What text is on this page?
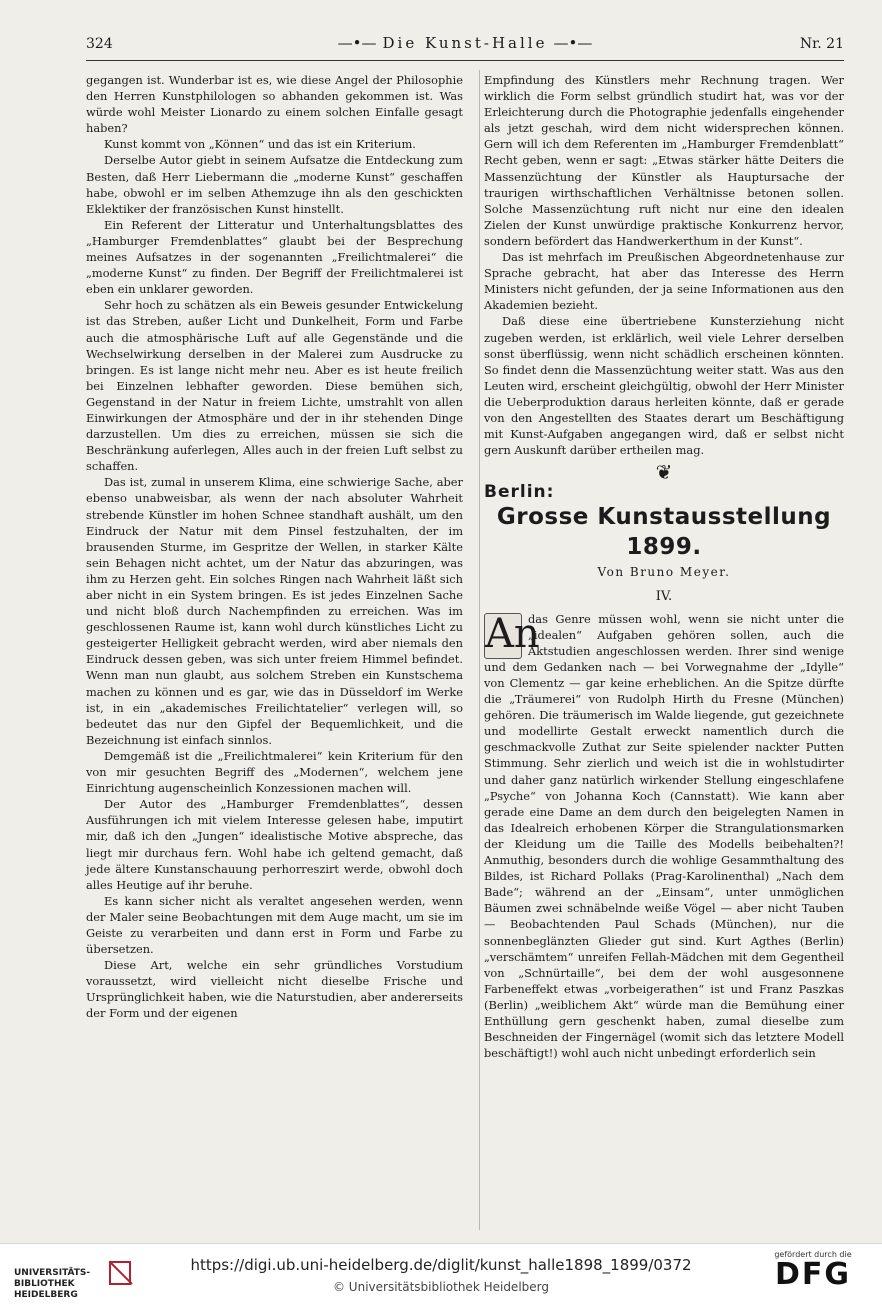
324	—•— Die Kunst-Halle —•—	Nr. 21

gegangen ist. Wunderbar ist es, wie diese Angel der Philosophie den Herren Kunstphilologen so abhanden gekommen ist. Was würde wohl Meister Lionardo zu einem solchen Einfalle gesagt haben?

Kunst kommt von „Können“ und das ist ein Kriterium.

Derselbe Autor giebt in seinem Aufsatze die Entdeckung zum Besten, daß Herr Liebermann die „moderne Kunst“ geschaffen habe, obwohl er im selben Athemzuge ihn als den geschickten Eklektiker der französischen Kunst hinstellt.

Ein Referent der Litteratur und Unterhaltungsblattes des „Hamburger Fremdenblattes“ glaubt bei der Besprechung meines Aufsatzes in der sogenannten „Freilichtmalerei“ die „moderne Kunst“ zu finden. Der Begriff der Freilichtmalerei ist eben ein unklarer geworden.

Sehr hoch zu schätzen als ein Beweis gesunder Entwickelung ist das Streben, außer Licht und Dunkelheit, Form und Farbe auch die atmosphärische Luft auf alle Gegenstände und die Wechselwirkung derselben in der Malerei zum Ausdrucke zu bringen. Es ist lange nicht mehr neu. Aber es ist heute freilich bei Einzelnen lebhafter geworden. Diese bemühen sich, Gegenstand in der Natur in freiem Lichte, umstrahlt von allen Einwirkungen der Atmosphäre und der in ihr stehenden Dinge darzustellen. Um dies zu erreichen, müssen sie sich die Beschränkung auferlegen, Alles auch in der freien Luft selbst zu schaffen.

Das ist, zumal in unserem Klima, eine schwierige Sache, aber ebenso unabweisbar, als wenn der nach absoluter Wahrheit strebende Künstler im hohen Schnee standhaft aushält, um den Eindruck der Natur mit dem Pinsel festzuhalten, der im brausenden Sturme, im Gespritze der Wellen, in starker Kälte sein Behagen nicht achtet, um der Natur das abzuringen, was ihm zu Herzen geht. Ein solches Ringen nach Wahrheit läßt sich aber nicht in ein System bringen. Es ist jedes Einzelnen Sache und nicht bloß durch Nachempfinden zu erreichen. Was im geschlossenen Raume ist, kann wohl durch künstliches Licht zu gesteigerter Helligkeit gebracht werden, wird aber niemals den Eindruck dessen geben, was sich unter freiem Himmel befindet. Wenn man nun glaubt, aus solchem Streben ein Kunstschema machen zu können und es gar, wie das in Düsseldorf im Werke ist, in ein „akademisches Freilichtatelier“ verlegen will, so bedeutet das nur den Gipfel der Bequemlichkeit, und die Bezeichnung ist einfach sinnlos.

Demgemäß ist die „Freilichtmalerei“ kein Kriterium für den von mir gesuchten Begriff des „Modernen“, welchem jene Einrichtung augenscheinlich Konzessionen machen will.

Der Autor des „Hamburger Fremdenblattes“, dessen Ausführungen ich mit vielem Interesse gelesen habe, imputirt mir, daß ich den „Jungen“ idealistische Motive absprechе, das liegt mir durchaus fern. Wohl habe ich geltend gemacht, daß jede ältere Kunstanschauung perhorreszirt werde, obwohl doch alles Heutige auf ihr beruhe.

Es kann sicher nicht als veraltet angesehen werden, wenn der Maler seine Beobachtungen mit dem Auge macht, um sie im Geiste zu verarbeiten und dann erst in Form und Farbe zu übersetzen.

Diese Art, welche ein sehr gründliches Vorstudium voraussetzt, wird vielleicht nicht dieselbe Frische und Ursprünglichkeit haben, wie die Naturstudien, aber andererseits der Form und der eigenen

Empfindung des Künstlers mehr Rechnung tragen. Wer wirklich die Form selbst gründlich studirt hat, was vor der Erleichterung durch die Photographie jedenfalls eingehender als jetzt geschah, wird dem nicht widersprechen können. Gern will ich dem Referenten im „Hamburger Fremdenblatt“ Recht geben, wenn er sagt: „Etwas stärker hätte Deiters die Massenzüchtung der Künstler als Hauptursache der traurigen wirthschaftlichen Verhältnisse betonen sollen. Solche Massenzüchtung ruft nicht nur eine den idealen Zielen der Kunst unwürdige praktische Konkurrenz hervor, sondern befördert das Handwerkerthum in der Kunst“.

Das ist mehrfach im Preußischen Abgeordnetenhause zur Sprache gebracht, hat aber das Interesse des Herrn Ministers nicht gefunden, der ja seine Informationen aus den Akademien bezieht.

Daß diese eine übertriebene Kunsterziehung nicht zugeben werden, ist erklärlich, weil viele Lehrer derselben sonst überflüssig, wenn nicht schädlich erscheinen könnten. So findet denn die Massenzüchtung weiter statt. Was aus den Leuten wird, erscheint gleichgültig, obwohl der Herr Minister die Ueberproduktion daraus herleiten könnte, daß er gerade von den Angestellten des Staates derart um Beschäftigung mit Kunst-Aufgaben angegangen wird, daß er selbst nicht gern Auskunft darüber ertheilen mag.

❦
Berlin:
Grosse Kunstausstellung 1899.
Von Bruno Meyer.
IV.

An
das Genre müssen wohl, wenn sie nicht unter die „idealen“ Aufgaben gehören sollen, auch die Aktstudien angeschlossen werden. Ihrer sind wenige und dem Gedanken nach — bei Vorwegnahme der „Idylle“ von Clementz — gar keine erheblichen. An die Spitze dürfte die „Träumerei“ von Rudolph Hirth du Fresne (München) gehören. Die träumerisch im Walde liegende, gut gezeichnete und modellirte Gestalt erweckt namentlich durch die geschmackvolle Zuthat zur Seite spielender nackter Putten Stimmung. Sehr zierlich und weich ist die in wohlstudirter und daher ganz natürlich wirkender Stellung eingeschlafene „Psyche“ von Johanna Koch (Cannstatt). Wie kann aber gerade eine Dame an dem durch den beigelegten Namen in das Idealreich erhobenen Körper die Strangulationsmarken der Kleidung um die Taille des Modells beibehalten?! Anmuthig, besonders durch die wohlige Gesammthaltung des Bildes, ist Richard Pollaks (Prag-Karolinenthal) „Nach dem Bade“; während an der „Einsam“, unter unmöglichen Bäumen zwei schnäbelnde weiße Vögel — aber nicht Tauben — Beobachtenden Paul Schads (München), nur die sonnenbeglänzten Glieder gut sind. Kurt Agthes (Berlin) „verschämtem“ unreifen Fellah-Mädchen mit dem Gegentheil von „Schnürtaille“, bei dem der wohl ausgesonnene Farbeneffekt etwas „vorbeigerathen“ ist und Franz Paszkas (Berlin) „weiblichem Akt“ würde man die Bemühung einer Enthüllung gern geschenkt haben, zumal dieselbe zum Beschneiden der Fingernägel (womit sich das letztere Modell beschäftigt!) wohl auch nicht unbedingt erforderlich sein

UNIVERSITÄTS-BIBLIOTHEK HEIDELBERG
https://digi.ub.uni-heidelberg.de/diglit/kunst_halle1898_1899/0372
© Universitätsbibliothek Heidelberg
gefördert durch die
DFG
